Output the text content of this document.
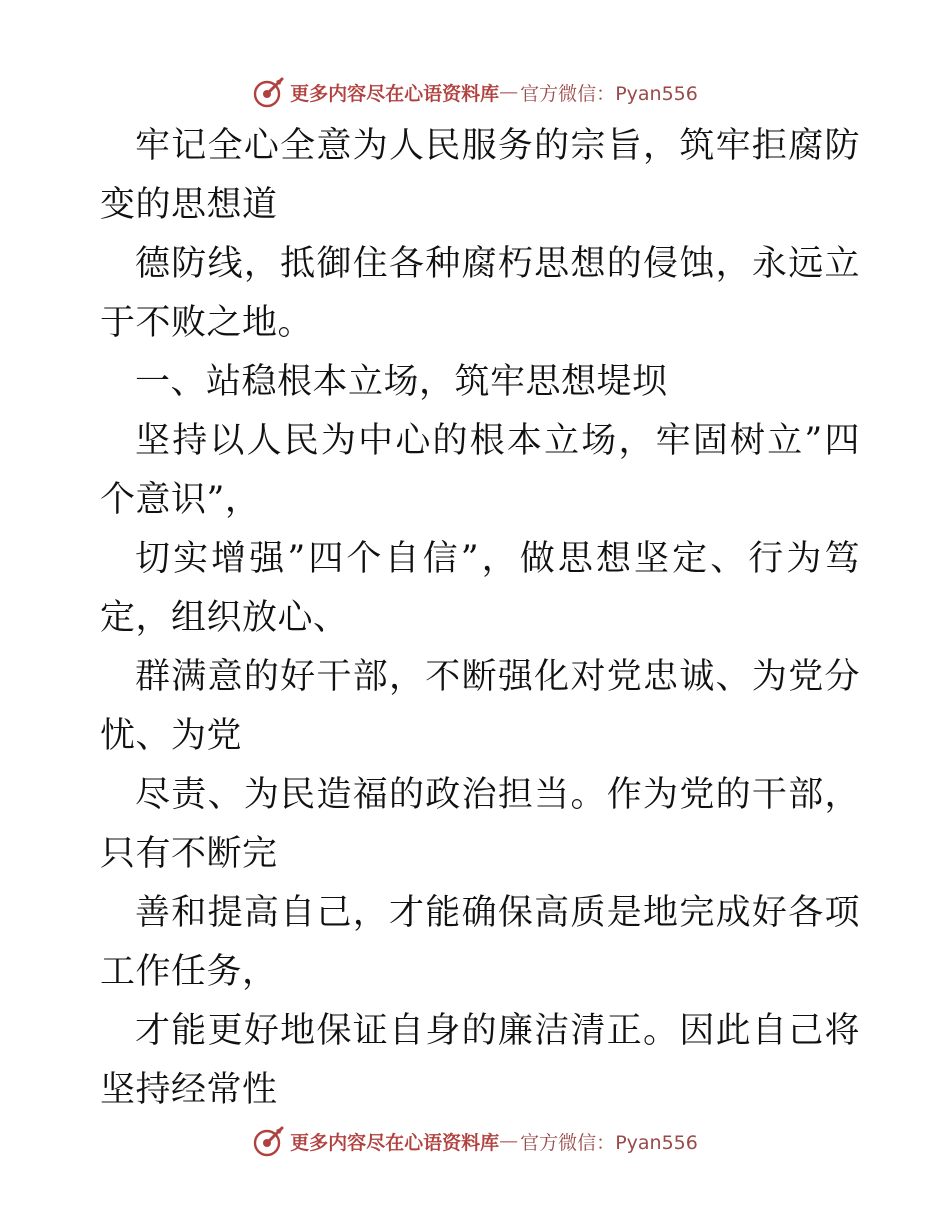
更多内容尽在心语资料库 — 官方微信：Pyan556

牢记全心全意为人民服务的宗旨，筑牢拒腐防变的思想道

德防线，抵御住各种腐朽思想的侵蚀，永远立于不败之地。

一、站稳根本立场，筑牢思想堤坝

坚持以人民为中心的根本立场，牢固树立”四个意识”，

切实增强”四个自信”，做思想坚定、行为笃定，组织放心、

群满意的好干部，不断强化对党忠诚、为党分忧、为党

尽责、为民造福的政治担当。作为党的干部，只有不断完

善和提高自己，才能确保高质是地完成好各项工作任务，

才能更好地保证自身的廉洁清正。因此自己将坚持经常性

更多内容尽在心语资料库 — 官方微信：Pyan556
